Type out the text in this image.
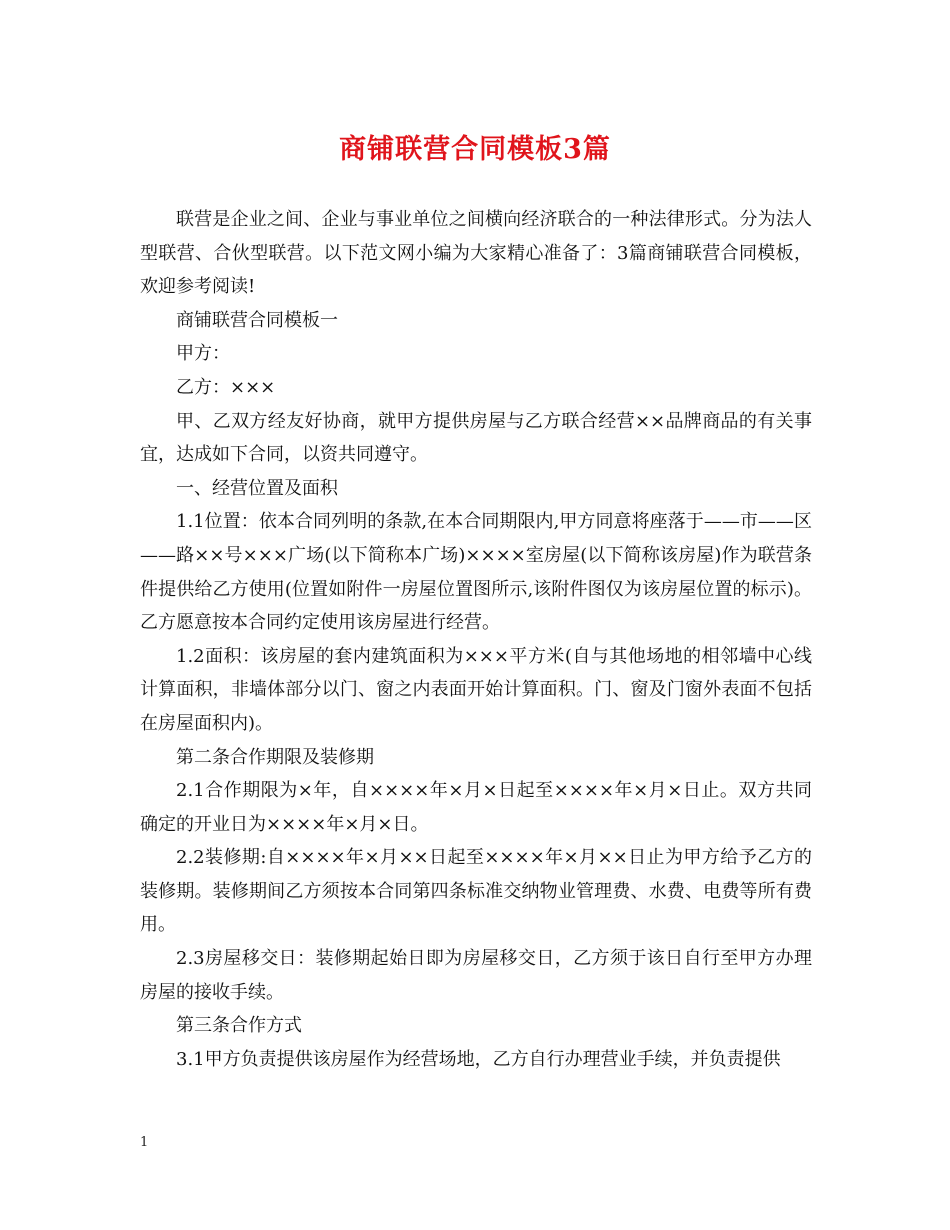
商铺联营合同模板3篇

联营是企业之间、企业与事业单位之间横向经济联合的一种法律形式。分为法人型联营、合伙型联营。以下范文网小编为大家精心准备了：3篇商铺联营合同模板，欢迎参考阅读!

商铺联营合同模板一

甲方：

乙方：×××

甲、乙双方经友好协商，就甲方提供房屋与乙方联合经营××品牌商品的有关事宜，达成如下合同，以资共同遵守。

一、经营位置及面积

1.1位置：依本合同列明的条款,在本合同期限内,甲方同意将座落于——市——区——路××号×××广场(以下简称本广场)××××室房屋(以下简称该房屋)作为联营条件提供给乙方使用(位置如附件一房屋位置图所示,该附件图仅为该房屋位置的标示)。乙方愿意按本合同约定使用该房屋进行经营。

1.2面积：该房屋的套内建筑面积为×××平方米(自与其他场地的相邻墙中心线计算面积，非墙体部分以门、窗之内表面开始计算面积。门、窗及门窗外表面不包括在房屋面积内)。

第二条合作期限及装修期

2.1合作期限为×年，自××××年×月×日起至××××年×月×日止。双方共同确定的开业日为××××年×月×日。

2.2装修期:自××××年×月××日起至××××年×月××日止为甲方给予乙方的装修期。装修期间乙方须按本合同第四条标准交纳物业管理费、水费、电费等所有费用。

2.3房屋移交日：装修期起始日即为房屋移交日，乙方须于该日自行至甲方办理房屋的接收手续。

第三条合作方式

3.1甲方负责提供该房屋作为经营场地，乙方自行办理营业手续，并负责提供

1
